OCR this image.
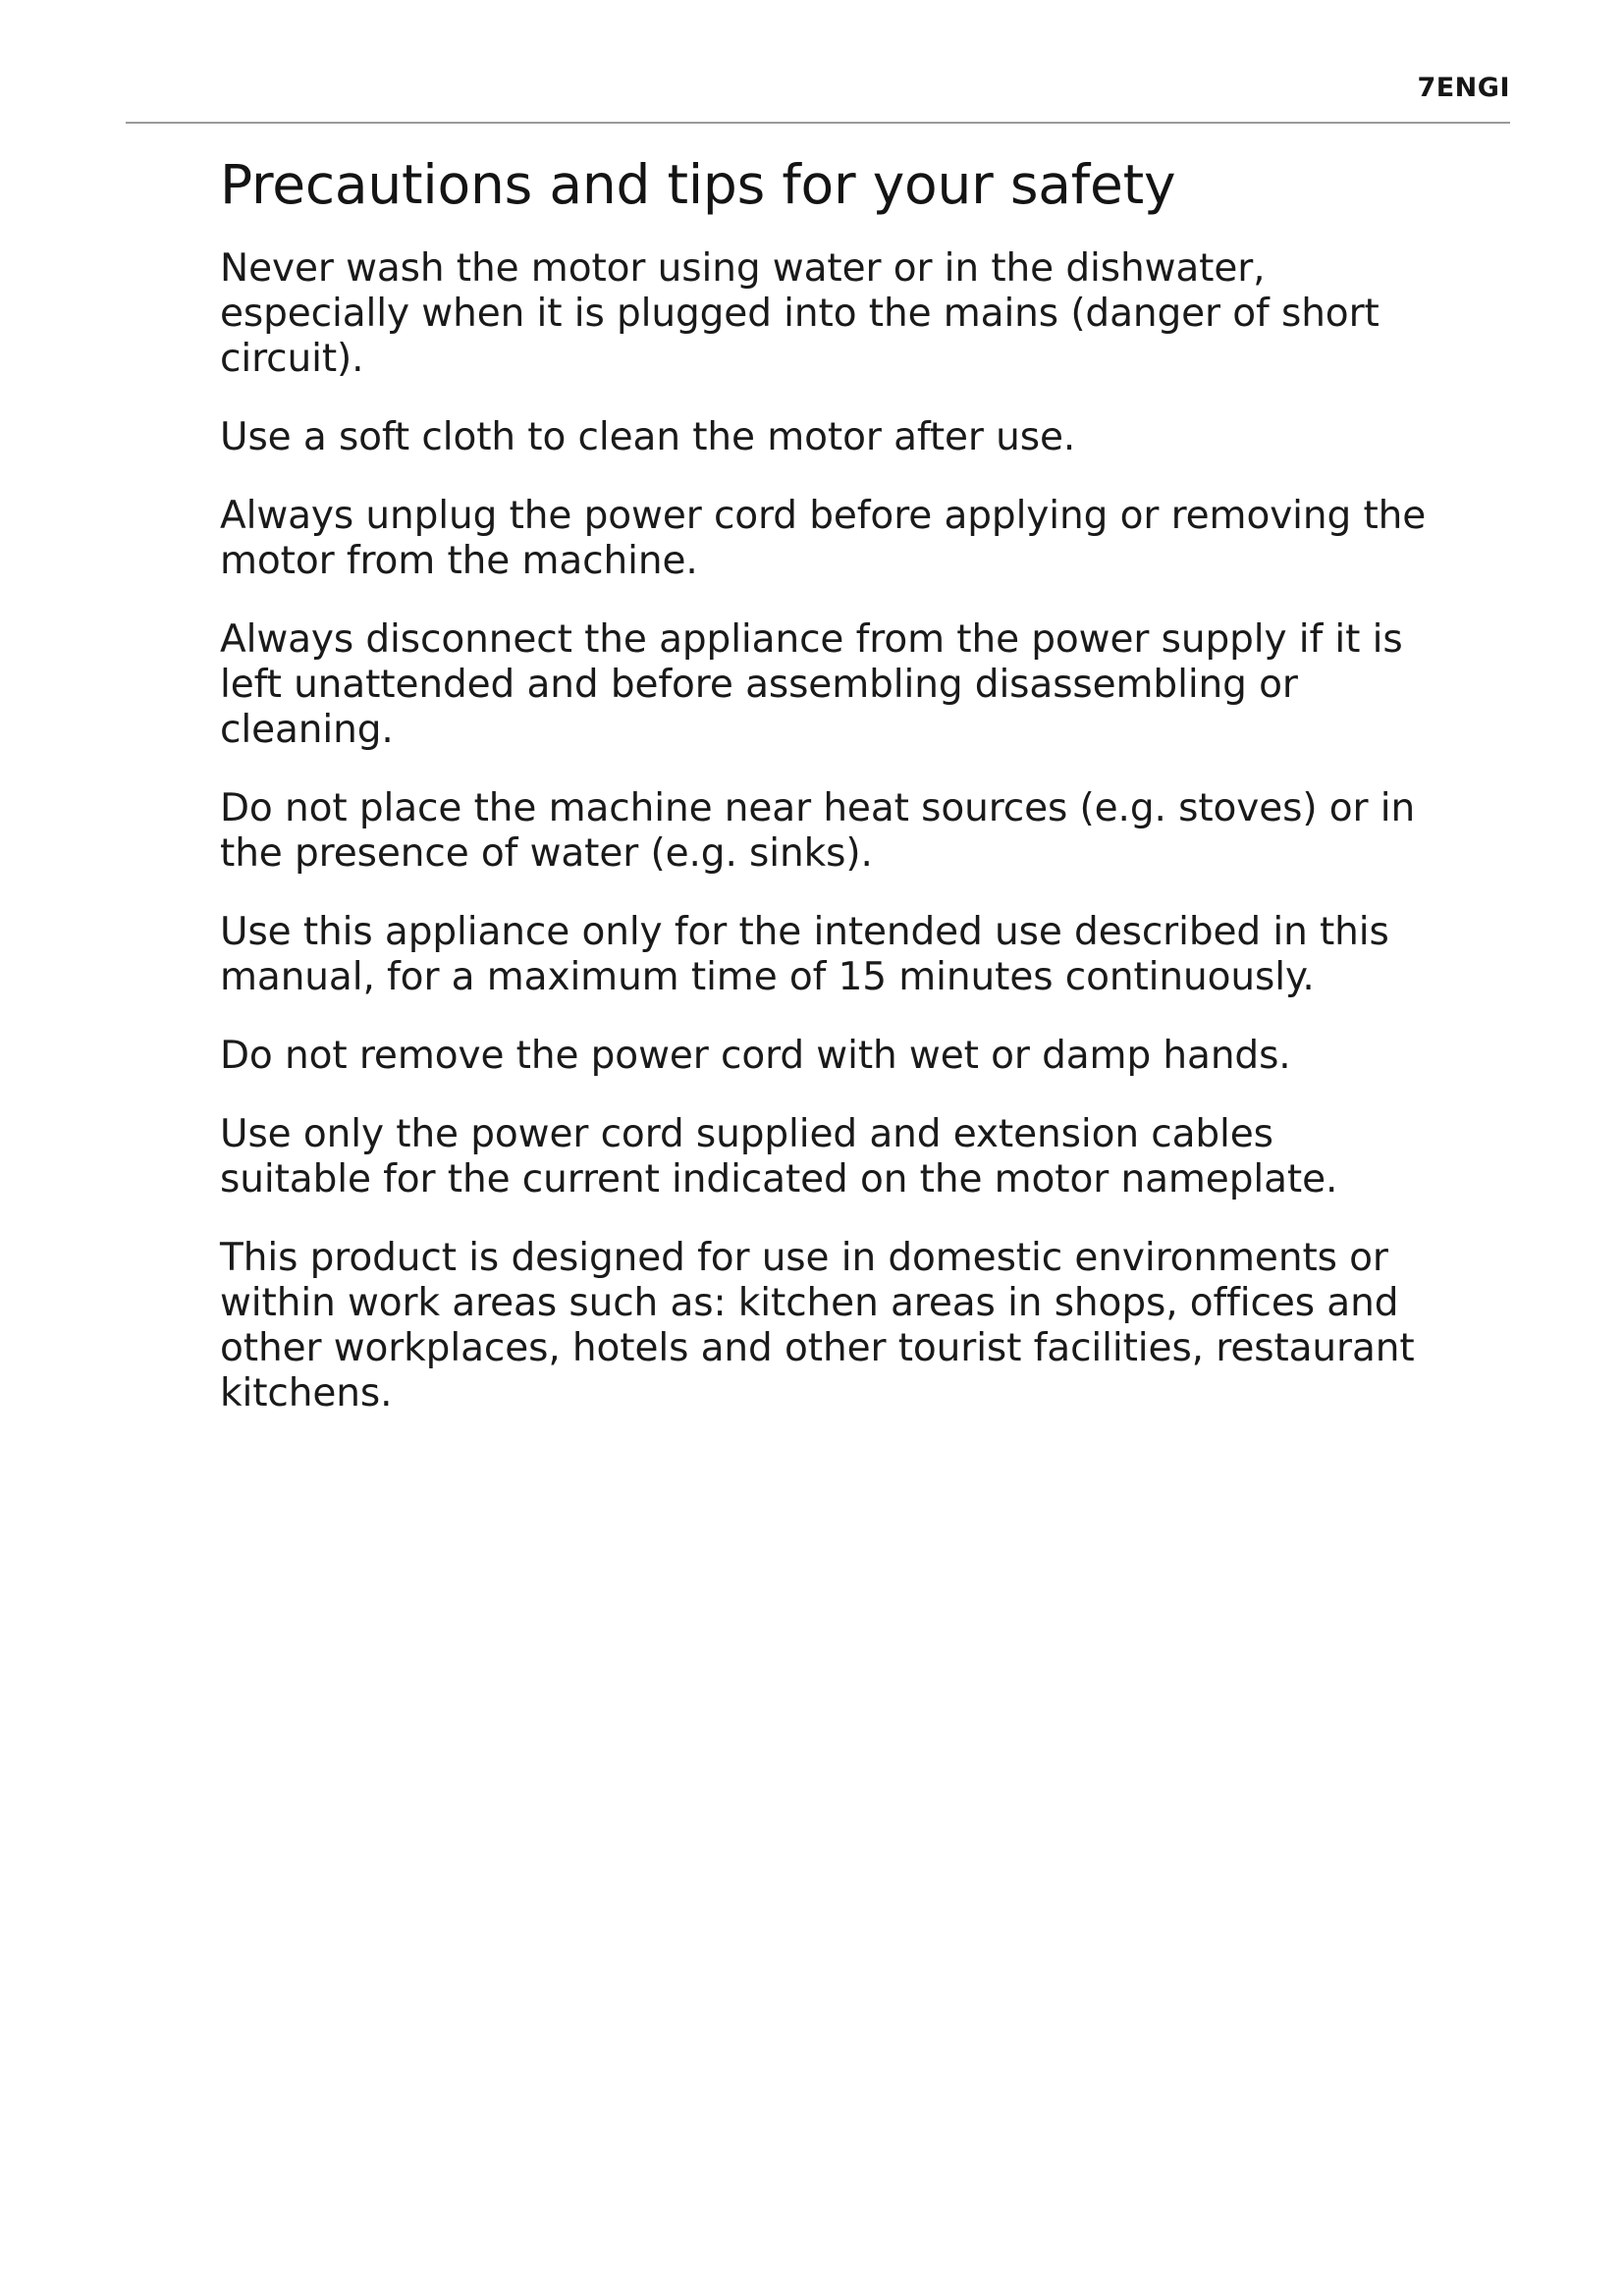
7ENGI
Precautions and tips for your safety

Never wash the motor using water or in the dishwater, especially when it is plugged into the mains (danger of short circuit).

Use a soft cloth to clean the motor after use.

Always unplug the power cord before applying or removing the motor from the machine.

Always disconnect the appliance from the power supply if it is left unattended and before assembling disassembling or cleaning.

Do not place the machine near heat sources (e.g. stoves) or in the presence of water (e.g. sinks).

Use this appliance only for the intended use described in this manual, for a maximum time of 15 minutes continuously.

Do not remove the power cord with wet or damp hands.

Use only the power cord supplied and extension cables suitable for the current indicated on the motor nameplate.

This product is designed for use in domestic environments or within work areas such as: kitchen areas in shops, offices and other workplaces, hotels and other tourist facilities, restaurant kitchens.
